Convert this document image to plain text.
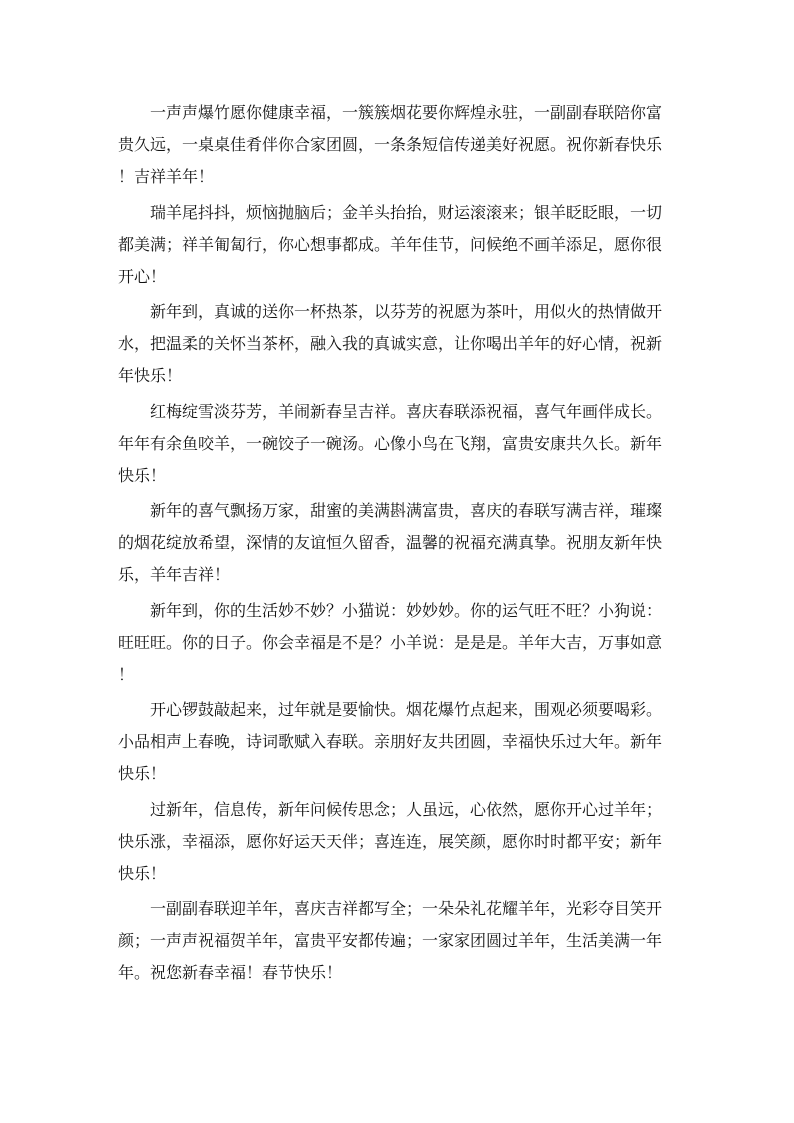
一声声爆竹愿你健康幸福，一簇簇烟花要你辉煌永驻，一副副春联陪你富
贵久远，一桌桌佳肴伴你合家团圆，一条条短信传递美好祝愿。祝你新春快乐
！吉祥羊年！

瑞羊尾抖抖，烦恼抛脑后；金羊头抬抬，财运滚滚来；银羊眨眨眼，一切
都美满；祥羊匍匐行，你心想事都成。羊年佳节，问候绝不画羊添足，愿你很
开心！

新年到，真诚的送你一杯热茶，以芬芳的祝愿为茶叶，用似火的热情做开
水，把温柔的关怀当茶杯，融入我的真诚实意，让你喝出羊年的好心情，祝新
年快乐！

红梅绽雪淡芬芳，羊闹新春呈吉祥。喜庆春联添祝福，喜气年画伴成长。
年年有余鱼咬羊，一碗饺子一碗汤。心像小鸟在飞翔，富贵安康共久长。新年
快乐！

新年的喜气飘扬万家，甜蜜的美满斟满富贵，喜庆的春联写满吉祥，璀璨
的烟花绽放希望，深情的友谊恒久留香，温馨的祝福充满真挚。祝朋友新年快
乐，羊年吉祥！

新年到，你的生活妙不妙？小猫说：妙妙妙。你的运气旺不旺？小狗说：
旺旺旺。你的日子。你会幸福是不是？小羊说：是是是。羊年大吉，万事如意
！

开心锣鼓敲起来，过年就是要愉快。烟花爆竹点起来，围观必须要喝彩。
小品相声上春晚，诗词歌赋入春联。亲朋好友共团圆，幸福快乐过大年。新年
快乐！

过新年，信息传，新年问候传思念；人虽远，心依然，愿你开心过羊年；
快乐涨，幸福添，愿你好运天天伴；喜连连，展笑颜，愿你时时都平安；新年
快乐！

一副副春联迎羊年，喜庆吉祥都写全；一朵朵礼花耀羊年，光彩夺目笑开
颜；一声声祝福贺羊年，富贵平安都传遍；一家家团圆过羊年，生活美满一年
年。祝您新春幸福！春节快乐！
